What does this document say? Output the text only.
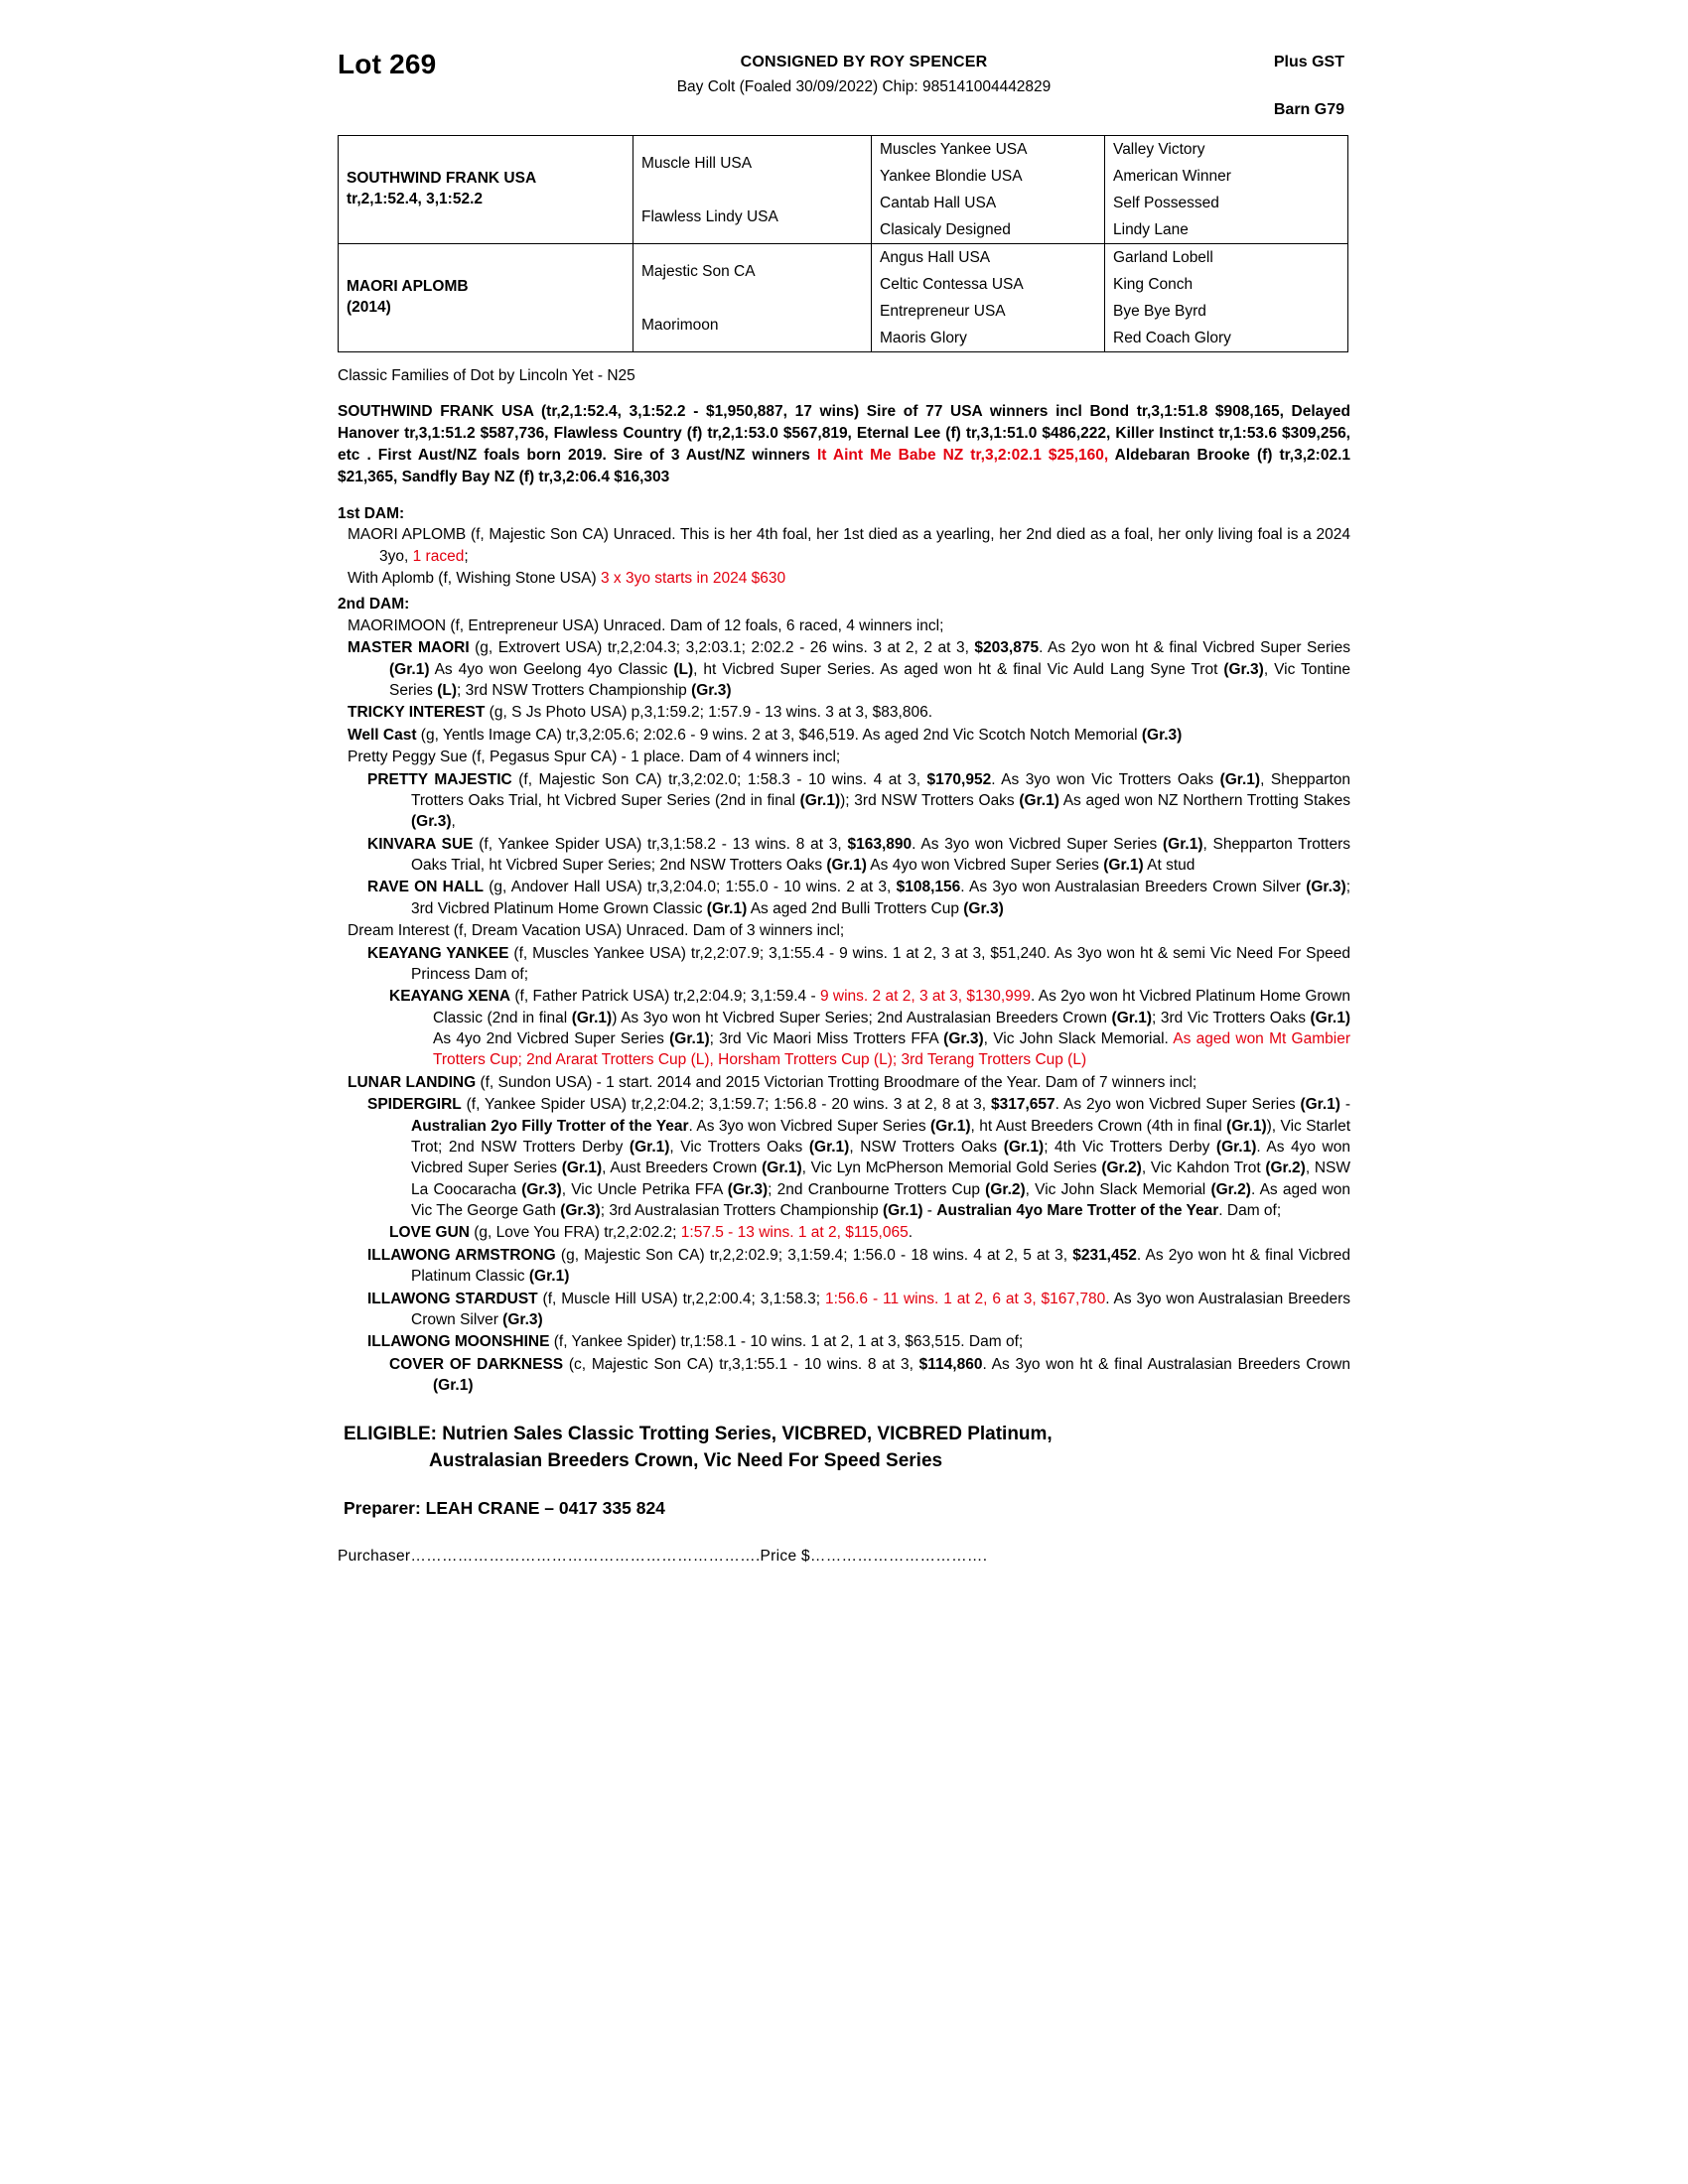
Lot 269	CONSIGNED BY ROY SPENCER
Bay Colt (Foaled 30/09/2022) Chip: 985141004442829
Plus GST
Barn G79
SOUTHWIND FRANK USA
tr,2,1:52.4, 3,1:52.2
Muscle Hill USA
Flawless Lindy USA
Muscles Yankee USA
Yankee Blondie USA
Cantab Hall USA
Clasicaly Designed
Valley Victory
American Winner
Self Possessed
Lindy Lane
MAORI APLOMB
(2014)
Majestic Son CA
Maorimoon
Angus Hall USA
Celtic Contessa USA
Entrepreneur USA
Maoris Glory
Garland Lobell
King Conch
Bye Bye Byrd
Red Coach Glory
Classic Families of Dot by Lincoln Yet - N25
SOUTHWIND FRANK USA (tr,2,1:52.4, 3,1:52.2 - $1,950,887, 17 wins) Sire of 77 USA winners incl Bond tr,3,1:51.8 $908,165, Delayed Hanover tr,3,1:51.2 $587,736, Flawless Country (f) tr,2,1:53.0 $567,819, Eternal Lee (f) tr,3,1:51.0 $486,222, Killer Instinct tr,1:53.6 $309,256, etc . First Aust/NZ foals born 2019. Sire of 3 Aust/NZ winners It Aint Me Babe NZ tr,3,2:02.1 $25,160, Aldebaran Brooke (f) tr,3,2:02.1 $21,365, Sandfly Bay NZ (f) tr,3,2:06.4 $16,303
1st DAM:

MAORI APLOMB (f, Majestic Son CA) Unraced. This is her 4th foal, her 1st died as a yearling, her 2nd died as a foal, her only living foal is a 2024 3yo, 1 raced;

With Aplomb (f, Wishing Stone USA) 3 x 3yo starts in 2024 $630

2nd DAM:

MAORIMOON (f, Entrepreneur USA) Unraced. Dam of 12 foals, 6 raced, 4 winners incl;

MASTER MAORI (g, Extrovert USA) tr,2,2:04.3; 3,2:03.1; 2:02.2 - 26 wins. 3 at 2, 2 at 3, $203,875. As 2yo won ht & final Vicbred Super Series (Gr.1) As 4yo won Geelong 4yo Classic (L), ht Vicbred Super Series. As aged won ht & final Vic Auld Lang Syne Trot (Gr.3), Vic Tontine Series (L); 3rd NSW Trotters Championship (Gr.3)

TRICKY INTEREST (g, S Js Photo USA) p,3,1:59.2; 1:57.9 - 13 wins. 3 at 3, $83,806.

Well Cast (g, Yentls Image CA) tr,3,2:05.6; 2:02.6 - 9 wins. 2 at 3, $46,519. As aged 2nd Vic Scotch Notch Memorial (Gr.3)

Pretty Peggy Sue (f, Pegasus Spur CA) - 1 place. Dam of 4 winners incl;

PRETTY MAJESTIC (f, Majestic Son CA) tr,3,2:02.0; 1:58.3 - 10 wins. 4 at 3, $170,952. As 3yo won Vic Trotters Oaks (Gr.1), Shepparton Trotters Oaks Trial, ht Vicbred Super Series (2nd in final (Gr.1)); 3rd NSW Trotters Oaks (Gr.1) As aged won NZ Northern Trotting Stakes (Gr.3),

KINVARA SUE (f, Yankee Spider USA) tr,3,1:58.2 - 13 wins. 8 at 3, $163,890. As 3yo won Vicbred Super Series (Gr.1), Shepparton Trotters Oaks Trial, ht Vicbred Super Series; 2nd NSW Trotters Oaks (Gr.1) As 4yo won Vicbred Super Series (Gr.1) At stud

RAVE ON HALL (g, Andover Hall USA) tr,3,2:04.0; 1:55.0 - 10 wins. 2 at 3, $108,156. As 3yo won Australasian Breeders Crown Silver (Gr.3); 3rd Vicbred Platinum Home Grown Classic (Gr.1) As aged 2nd Bulli Trotters Cup (Gr.3)

Dream Interest (f, Dream Vacation USA) Unraced. Dam of 3 winners incl;

KEAYANG YANKEE (f, Muscles Yankee USA) tr,2,2:07.9; 3,1:55.4 - 9 wins. 1 at 2, 3 at 3, $51,240. As 3yo won ht & semi Vic Need For Speed Princess Dam of;

KEAYANG XENA (f, Father Patrick USA) tr,2,2:04.9; 3,1:59.4 - 9 wins. 2 at 2, 3 at 3, $130,999. As 2yo won ht Vicbred Platinum Home Grown Classic (2nd in final (Gr.1)) As 3yo won ht Vicbred Super Series; 2nd Australasian Breeders Crown (Gr.1); 3rd Vic Trotters Oaks (Gr.1) As 4yo 2nd Vicbred Super Series (Gr.1); 3rd Vic Maori Miss Trotters FFA (Gr.3), Vic John Slack Memorial. As aged won Mt Gambier Trotters Cup; 2nd Ararat Trotters Cup (L), Horsham Trotters Cup (L); 3rd Terang Trotters Cup (L)

LUNAR LANDING (f, Sundon USA) - 1 start. 2014 and 2015 Victorian Trotting Broodmare of the Year. Dam of 7 winners incl;

SPIDERGIRL (f, Yankee Spider USA) tr,2,2:04.2; 3,1:59.7; 1:56.8 - 20 wins. 3 at 2, 8 at 3, $317,657. As 2yo won Vicbred Super Series (Gr.1) - Australian 2yo Filly Trotter of the Year. As 3yo won Vicbred Super Series (Gr.1), ht Aust Breeders Crown (4th in final (Gr.1)), Vic Starlet Trot; 2nd NSW Trotters Derby (Gr.1), Vic Trotters Oaks (Gr.1), NSW Trotters Oaks (Gr.1); 4th Vic Trotters Derby (Gr.1). As 4yo won Vicbred Super Series (Gr.1), Aust Breeders Crown (Gr.1), Vic Lyn McPherson Memorial Gold Series (Gr.2), Vic Kahdon Trot (Gr.2), NSW La Coocaracha (Gr.3), Vic Uncle Petrika FFA (Gr.3); 2nd Cranbourne Trotters Cup (Gr.2), Vic John Slack Memorial (Gr.2). As aged won Vic The George Gath (Gr.3); 3rd Australasian Trotters Championship (Gr.1) - Australian 4yo Mare Trotter of the Year. Dam of;

LOVE GUN (g, Love You FRA) tr,2,2:02.2; 1:57.5 - 13 wins. 1 at 2, $115,065.

ILLAWONG ARMSTRONG (g, Majestic Son CA) tr,2,2:02.9; 3,1:59.4; 1:56.0 - 18 wins. 4 at 2, 5 at 3, $231,452. As 2yo won ht & final Vicbred Platinum Classic (Gr.1)

ILLAWONG STARDUST (f, Muscle Hill USA) tr,2,2:00.4; 3,1:58.3; 1:56.6 - 11 wins. 1 at 2, 6 at 3, $167,780. As 3yo won Australasian Breeders Crown Silver (Gr.3)

ILLAWONG MOONSHINE (f, Yankee Spider) tr,1:58.1 - 10 wins. 1 at 2, 1 at 3, $63,515. Dam of;

COVER OF DARKNESS (c, Majestic Son CA) tr,3,1:55.1 - 10 wins. 8 at 3, $114,860. As 3yo won ht & final Australasian Breeders Crown (Gr.1)

ELIGIBLE: Nutrien Sales Classic Trotting Series, VICBRED, VICBRED Platinum,
Australasian Breeders Crown, Vic Need For Speed Series
Preparer: LEAH CRANE – 0417 335 824
Purchaser………………………………………………………….Price $…………………………….
